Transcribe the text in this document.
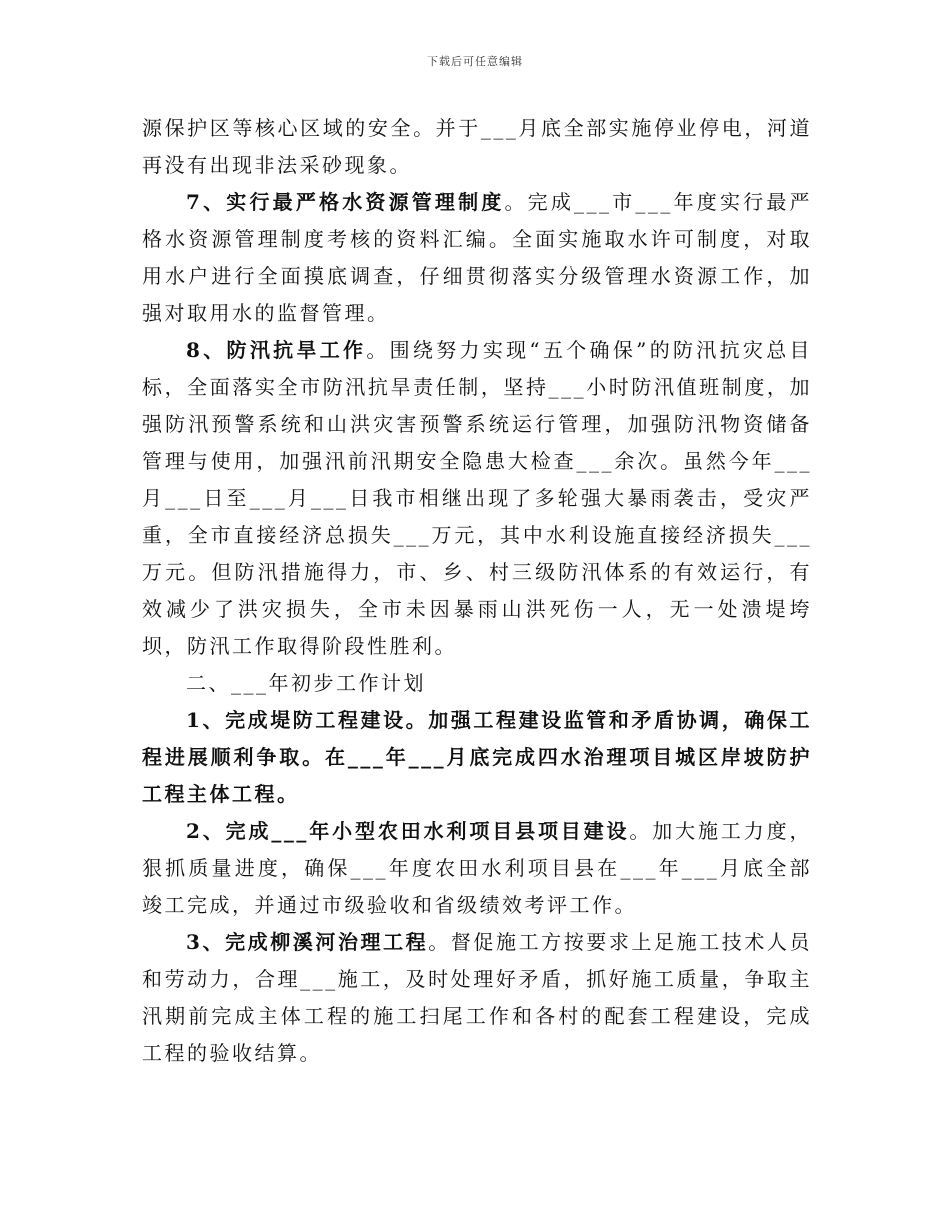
下载后可任意编辑

源保护区等核心区域的安全。并于___月底全部实施停业停电，河道再没有出现非法采砂现象。

7、实行最严格水资源管理制度。完成___市___年度实行最严格水资源管理制度考核的资料汇编。全面实施取水许可制度，对取用水户进行全面摸底调查，仔细贯彻落实分级管理水资源工作，加强对取用水的监督管理。

8、防汛抗旱工作。围绕努力实现“五个确保”的防汛抗灾总目标，全面落实全市防汛抗旱责任制，坚持___小时防汛值班制度，加强防汛预警系统和山洪灾害预警系统运行管理，加强防汛物资储备管理与使用，加强汛前汛期安全隐患大检查___余次。虽然今年___月___日至___月___日我市相继出现了多轮强大暴雨袭击，受灾严重，全市直接经济总损失___万元，其中水利设施直接经济损失___万元。但防汛措施得力，市、乡、村三级防汛体系的有效运行，有效减少了洪灾损失，全市未因暴雨山洪死伤一人，无一处溃堤垮坝，防汛工作取得阶段性胜利。

二、___年初步工作计划

1、完成堤防工程建设。加强工程建设监管和矛盾协调，确保工程进展顺利争取。在___年___月底完成四水治理项目城区岸坡防护工程主体工程。

2、完成___年小型农田水利项目县项目建设。加大施工力度，狠抓质量进度，确保___年度农田水利项目县在___年___月底全部竣工完成，并通过市级验收和省级绩效考评工作。

3、完成柳溪河治理工程。督促施工方按要求上足施工技术人员和劳动力，合理___施工，及时处理好矛盾，抓好施工质量，争取主汛期前完成主体工程的施工扫尾工作和各村的配套工程建设，完成工程的验收结算。
